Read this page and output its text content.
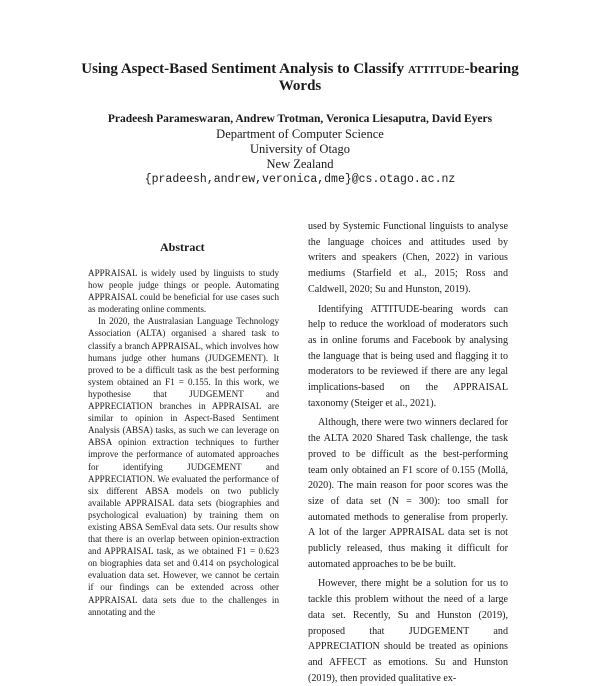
Using Aspect-Based Sentiment Analysis to Classify attitude-bearing Words
Pradeesh Parameswaran, Andrew Trotman, Veronica Liesaputra, David Eyers
Department of Computer Science
University of Otago
New Zealand
{pradeesh,andrew,veronica,dme}@cs.otago.ac.nz
Abstract

APPRAISAL is widely used by linguists to study how people judge things or people. Automating APPRAISAL could be beneficial for use cases such as moderating online comments.

In 2020, the Australasian Language Technology Association (ALTA) organised a shared task to classify a branch APPRAISAL, which involves how humans judge other humans (JUDGEMENT). It proved to be a difficult task as the best performing system obtained an F1 = 0.155. In this work, we hypothesise that JUDGEMENT and APPRECIATION branches in APPRAISAL are similar to opinion in Aspect-Based Sentiment Analysis (ABSA) tasks, as such we can leverage on ABSA opinion extraction techniques to further improve the performance of automated approaches for identifying JUDGEMENT and APPRECIATION. We evaluated the performance of six different ABSA models on two publicly available APPRAISAL data sets (biographies and psychological evaluation) by training them on existing ABSA SemEval data sets. Our results show that there is an overlap between opinion-extraction and APPRAISAL task, as we obtained F1 = 0.623 on biographies data set and 0.414 on psychological evaluation data set. However, we cannot be certain if our findings can be extended across other APPRAISAL data sets due to the challenges in annotating and the

used by Systemic Functional linguists to analyse the language choices and attitudes used by writers and speakers (Chen, 2022) in various mediums (Starfield et al., 2015; Ross and Caldwell, 2020; Su and Hunston, 2019).

Identifying ATTITUDE-bearing words can help to reduce the workload of moderators such as in online forums and Facebook by analysing the language that is being used and flagging it to moderators to be reviewed if there are any legal implications-based on the APPRAISAL taxonomy (Steiger et al., 2021).

Although, there were two winners declared for the ALTA 2020 Shared Task challenge, the task proved to be difficult as the best-performing team only obtained an F1 score of 0.155 (Mollá, 2020). The main reason for poor scores was the size of data set (N = 300): too small for automated methods to generalise from properly. A lot of the larger APPRAISAL data set is not publicly released, thus making it difficult for automated approaches to be be built.

However, there might be a solution for us to tackle this problem without the need of a large data set. Recently, Su and Hunston (2019), proposed that JUDGEMENT and APPRECIATION should be treated as opinions and AFFECT as emotions. Su and Hunston (2019), then provided qualitative ex-
